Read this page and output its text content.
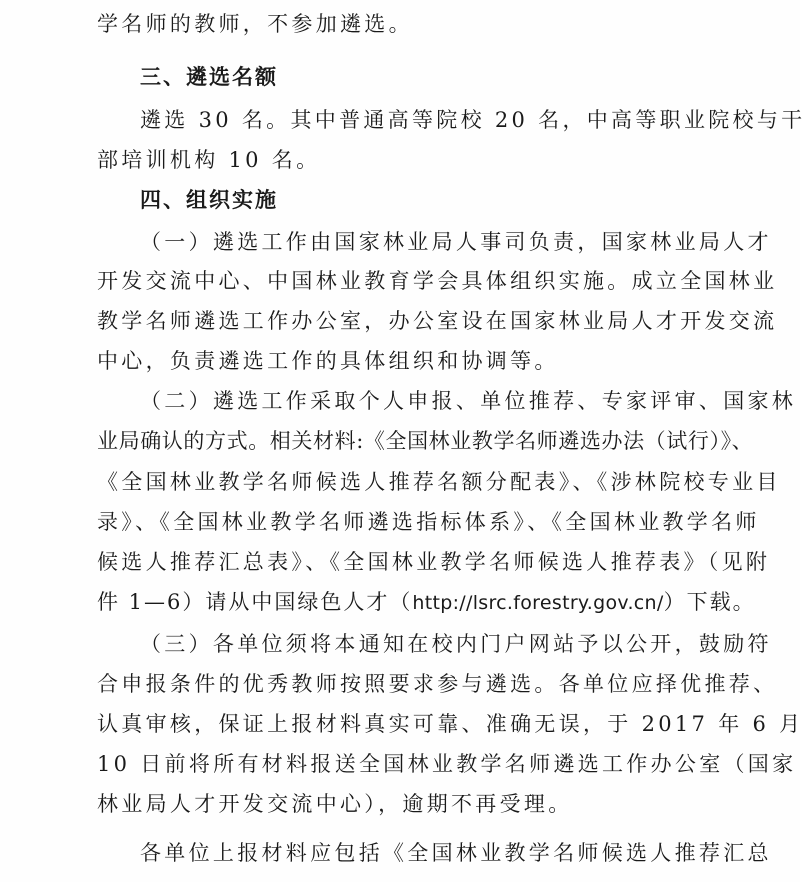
学名师的教师，不参加遴选。
三、遴选名额
遴选 30 名。其中普通高等院校 20 名，中高等职业院校与干
部培训机构 10 名。
四、组织实施
（一）遴选工作由国家林业局人事司负责，国家林业局人才
开发交流中心、中国林业教育学会具体组织实施。成立全国林业
教学名师遴选工作办公室，办公室设在国家林业局人才开发交流
中心，负责遴选工作的具体组织和协调等。
（二）遴选工作采取个人申报、单位推荐、专家评审、国家林
业局确认的方式。相关材料:《全国林业教学名师遴选办法（试行）》、
《全国林业教学名师候选人推荐名额分配表》、《涉林院校专业目
录》、《全国林业教学名师遴选指标体系》、《全国林业教学名师
候选人推荐汇总表》、《全国林业教学名师候选人推荐表》（见附
件 1—6）请从中国绿色人才（http://lsrc.forestry.gov.cn/）下载。
（三）各单位须将本通知在校内门户网站予以公开，鼓励符
合申报条件的优秀教师按照要求参与遴选。各单位应择优推荐、
认真审核，保证上报材料真实可靠、准确无误，于 2017 年 6 月
10 日前将所有材料报送全国林业教学名师遴选工作办公室（国家
林业局人才开发交流中心），逾期不再受理。
各单位上报材料应包括《全国林业教学名师候选人推荐汇总
